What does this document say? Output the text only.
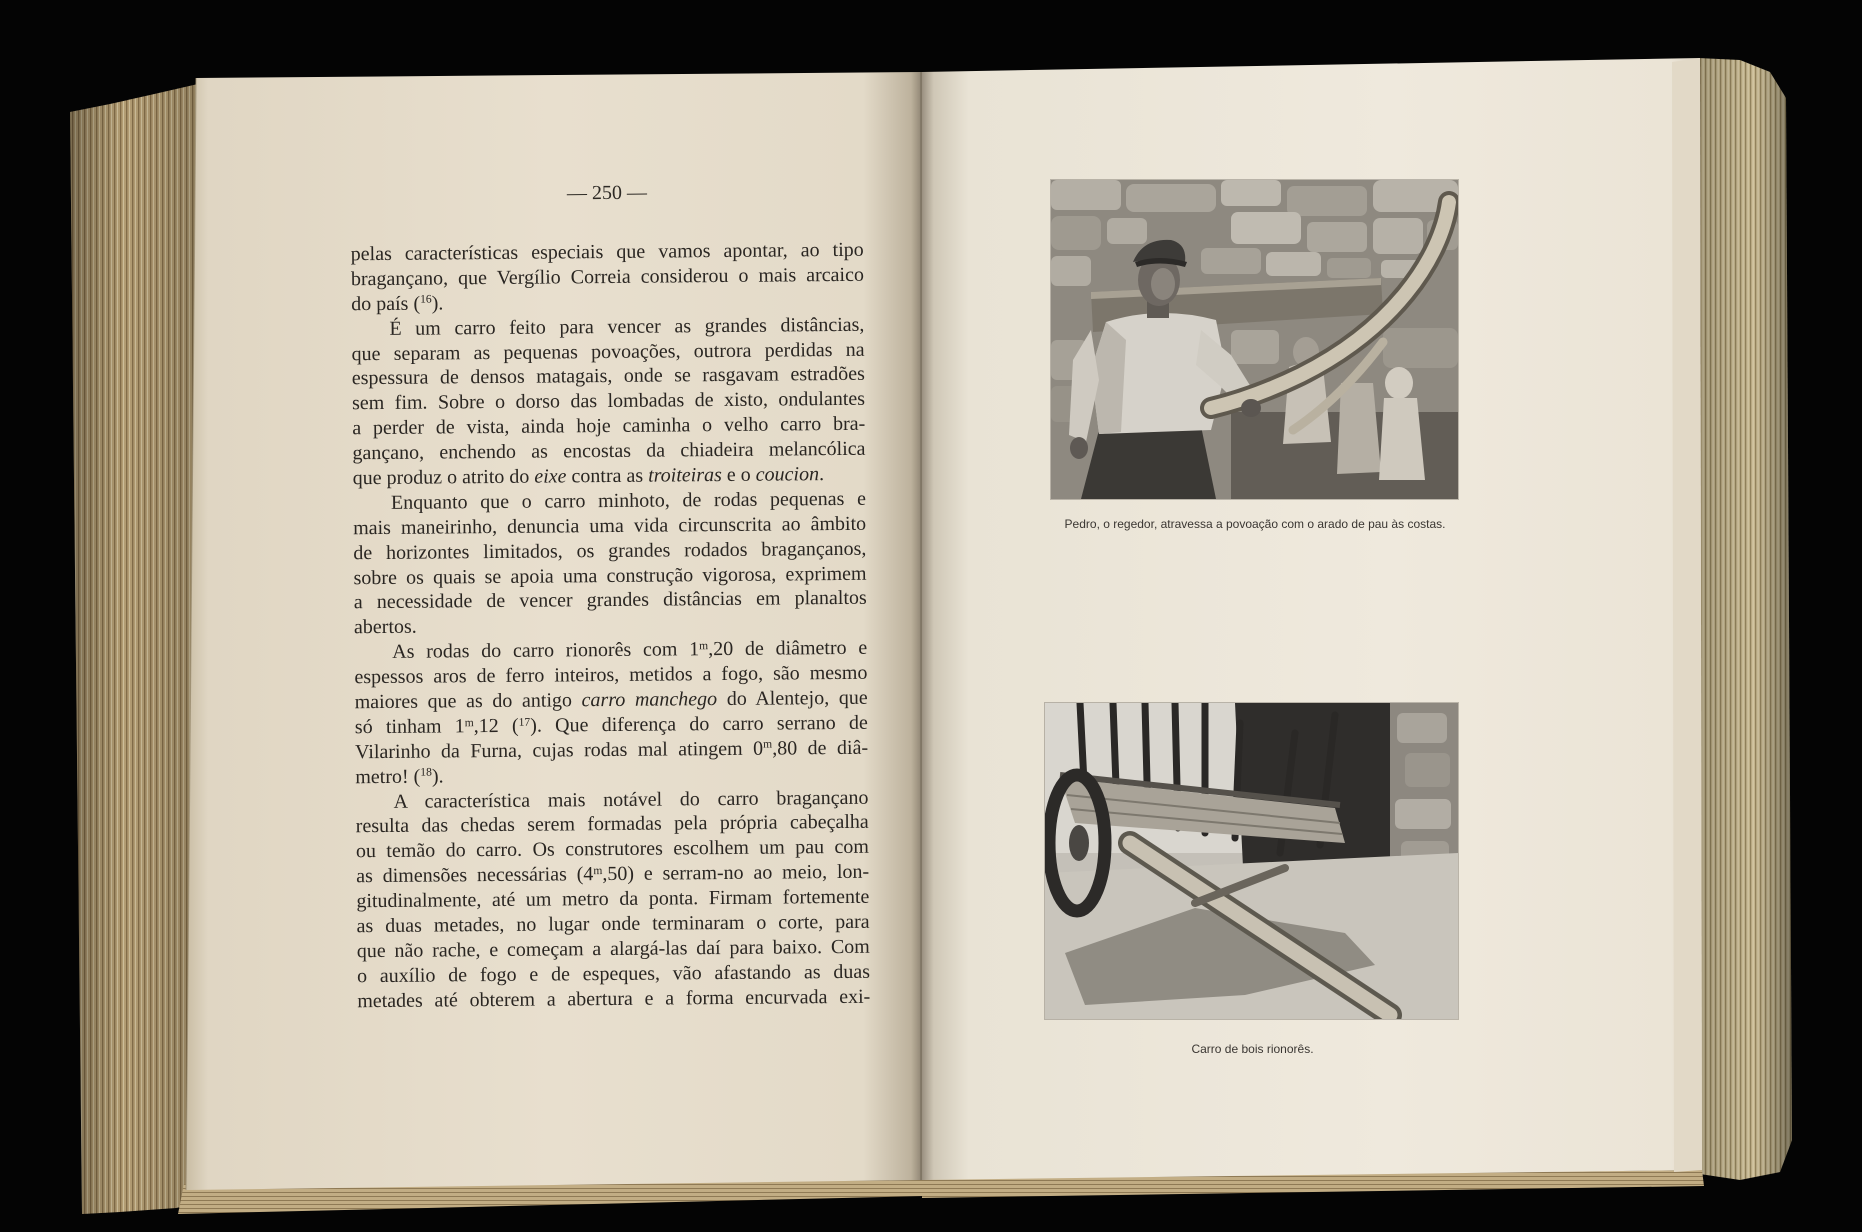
— 250 —
pelas características especiais que vamos apontar, ao tipo
bragançano, que Vergílio Correia considerou o mais arcaico
do país ($^{16}$).
É um carro feito para vencer as grandes distâncias,
que separam as pequenas povoações, outrora perdidas na
espessura de densos matagais, onde se rasgavam estradões
sem fim. Sobre o dorso das lombadas de xisto, ondulantes
a perder de vista, ainda hoje caminha o velho carro bra-
gançano, enchendo as encostas da chiadeira melancólica
que produz o atrito do eixe contra as troiteiras e o coucion.
Enquanto que o carro minhoto, de rodas pequenas e
mais maneirinho, denuncia uma vida circunscrita ao âmbito
de horizontes limitados, os grandes rodados bragançanos,
sobre os quais se apoia uma construção vigorosa, exprimem
a necessidade de vencer grandes distâncias em planaltos
abertos.
As rodas do carro rionorês com 1$^m$,20 de diâmetro e
espessos aros de ferro inteiros, metidos a fogo, são mesmo
maiores que as do antigo carro manchego do Alentejo, que
só tinham 1$^m$,12 ($^{17}$). Que diferença do carro serrano de
Vilarinho da Furna, cujas rodas mal atingem 0$^m$,80 de diâ-
metro! ($^{18}$).
A característica mais notável do carro bragançano
resulta das chedas serem formadas pela própria cabeçalha
ou temão do carro. Os construtores escolhem um pau com
as dimensões necessárias (4$^m$,50) e serram-no ao meio, lon-
gitudinalmente, até um metro da ponta. Firmam fortemente
as duas metades, no lugar onde terminaram o corte, para
que não rache, e começam a alargá-las daí para baixo. Com
o auxílio de fogo e de espeques, vão afastando as duas
metades até obterem a abertura e a forma encurvada exi-
Pedro, o regedor, atravessa a povoação com o arado de pau às costas.
Carro de bois rionorês.
